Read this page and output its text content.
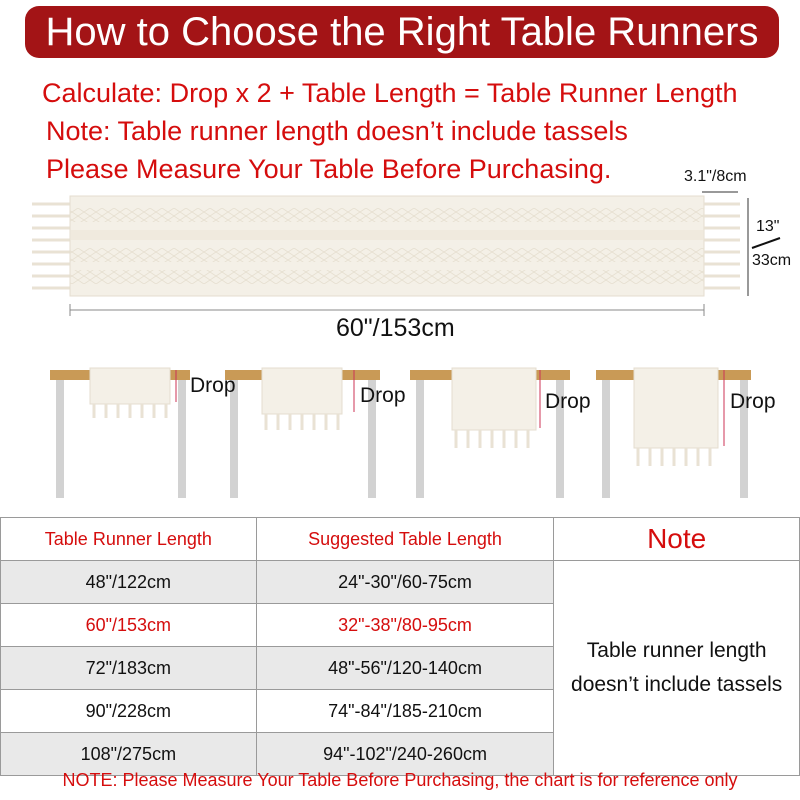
How to Choose the Right Table Runners
Calculate: Drop x 2 + Table Length = Table Runner Length
Note: Table runner length doesn’t include tassels
Please Measure Your Table Before Purchasing.	3.1"/8cm
13"
33cm
60"/153cm
Drop	Drop	Drop	Drop
Table Runner Length	Suggested Table Length	Note
48"/122cm	24"-30"/60-75cm	Table runner length
doesn’t include tassels

60"/153cm	32"-38"/80-95cm	
72"/183cm	48"-56"/120-140cm	
90"/228cm	74"-84"/185-210cm	
108"/275cm	94"-102"/240-260cm	
NOTE: Please Measure Your Table Before Purchasing, the chart is for reference only
